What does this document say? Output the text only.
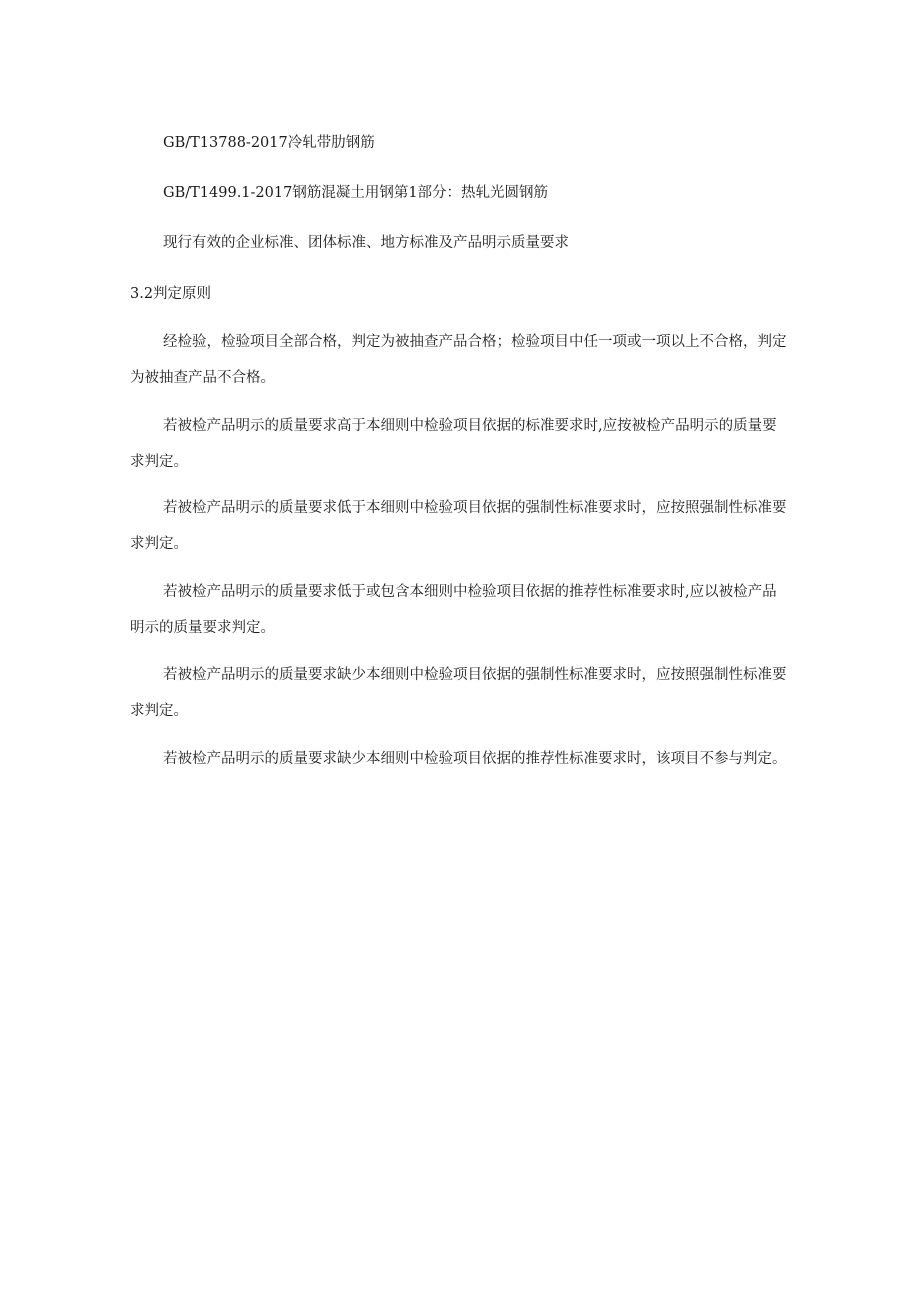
GB/T13788-2017冷轧带肋钢筋

GB/T1499.1-2017钢筋混凝土用钢第1部分：热轧光圆钢筋

现行有效的企业标准、团体标准、地方标准及产品明示质量要求

3.2判定原则

经检验，检验项目全部合格，判定为被抽查产品合格；检验项目中任一项或一项以上不合格，判定

为被抽查产品不合格。

若被检产品明示的质量要求高于本细则中检验项目依据的标准要求时,应按被检产品明示的质量要

求判定。

若被检产品明示的质量要求低于本细则中检验项目依据的强制性标准要求时，应按照强制性标准要

求判定。

若被检产品明示的质量要求低于或包含本细则中检验项目依据的推荐性标准要求时,应以被检产品

明示的质量要求判定。

若被检产品明示的质量要求缺少本细则中检验项目依据的强制性标准要求时，应按照强制性标准要

求判定。

若被检产品明示的质量要求缺少本细则中检验项目依据的推荐性标准要求时，该项目不参与判定。
